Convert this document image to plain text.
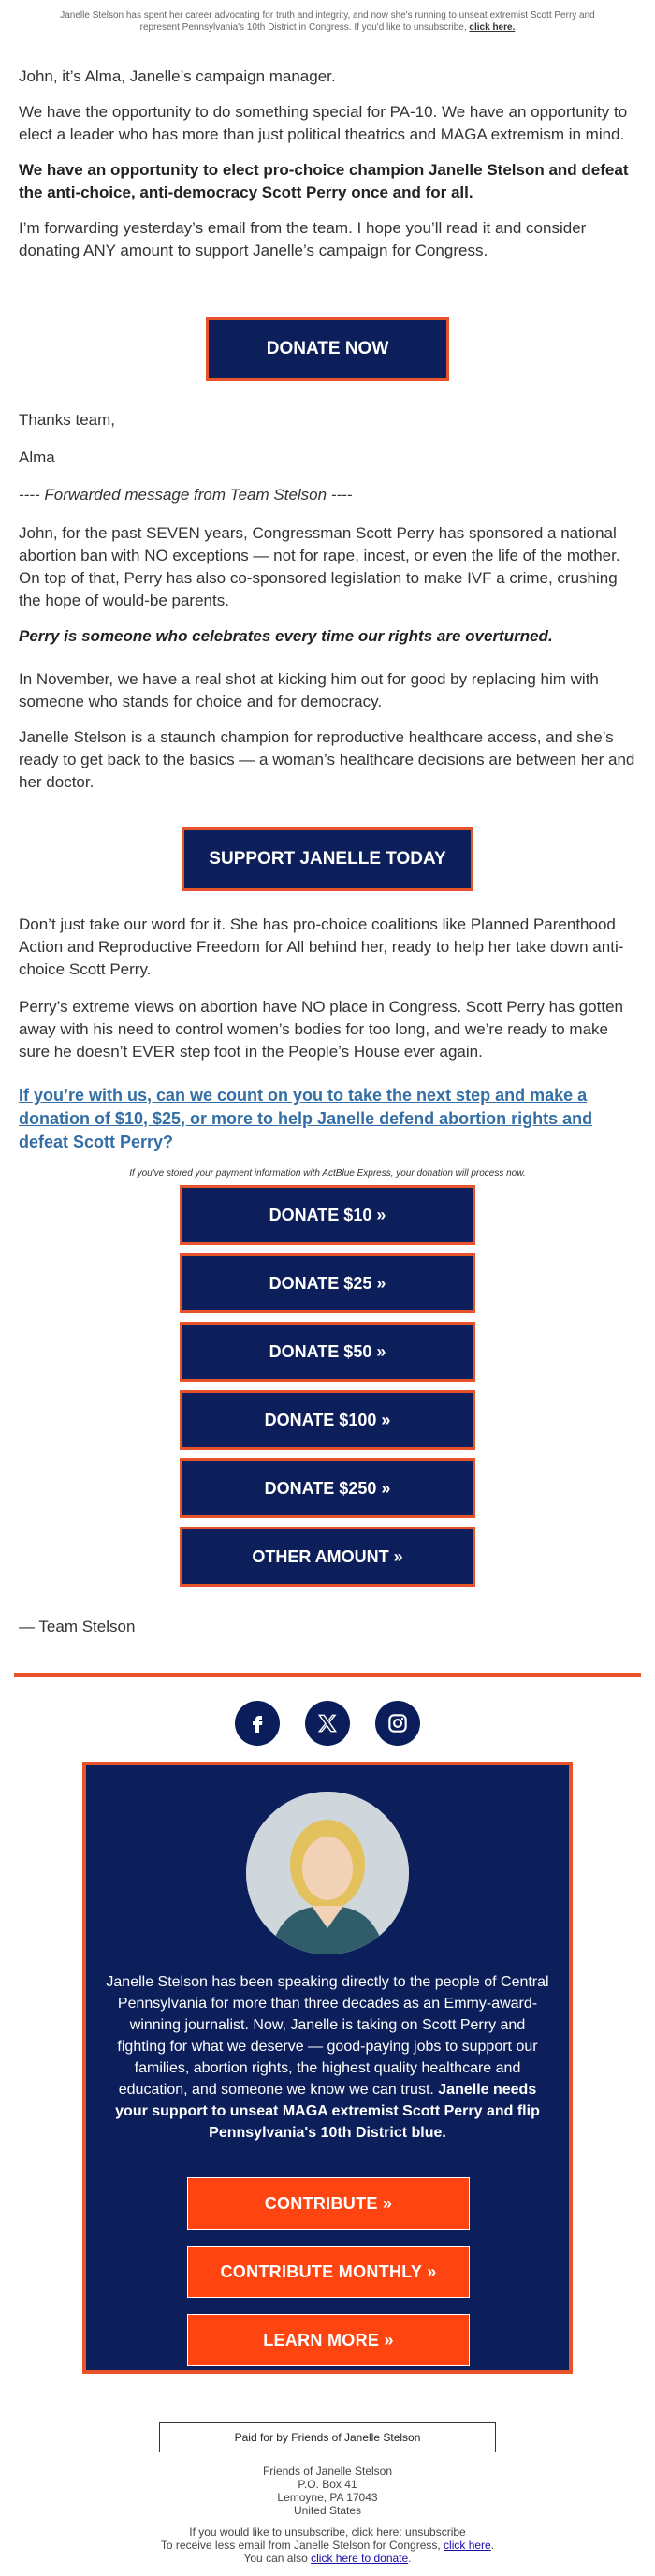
Janelle Stelson has spent her career advocating for truth and integrity, and now she's running to unseat extremist Scott Perry and represent Pennsylvania's 10th District in Congress. If you'd like to unsubscribe, click here.

John, it’s Alma, Janelle’s campaign manager.

We have the opportunity to do something special for PA-10. We have an opportunity to elect a leader who has more than just political theatrics and MAGA extremism in mind.

We have an opportunity to elect pro-choice champion Janelle Stelson and defeat the anti-choice, anti-democracy Scott Perry once and for all.

I’m forwarding yesterday’s email from the team. I hope you’ll read it and consider donating ANY amount to support Janelle’s campaign for Congress.

DONATE NOW

Thanks team,

Alma

---- Forwarded message from Team Stelson ----

John, for the past SEVEN years, Congressman Scott Perry has sponsored a national abortion ban with NO exceptions — not for rape, incest, or even the life of the mother. On top of that, Perry has also co-sponsored legislation to make IVF a crime, crushing the hope of would-be parents.

Perry is someone who celebrates every time our rights are overturned.

In November, we have a real shot at kicking him out for good by replacing him with someone who stands for choice and for democracy.

Janelle Stelson is a staunch champion for reproductive healthcare access, and she’s ready to get back to the basics — a woman’s healthcare decisions are between her and her doctor.

SUPPORT JANELLE TODAY

Don’t just take our word for it. She has pro-choice coalitions like Planned Parenthood Action and Reproductive Freedom for All behind her, ready to help her take down anti-choice Scott Perry.

Perry’s extreme views on abortion have NO place in Congress. Scott Perry has gotten away with his need to control women’s bodies for too long, and we’re ready to make sure he doesn’t EVER step foot in the People’s House ever again.

If you’re with us, can we count on you to take the next step and make a donation of $10, $25, or more to help Janelle defend abortion rights and defeat Scott Perry?

If you've stored your payment information with ActBlue Express, your donation will process now.
DONATE $10 »
DONATE $25 »
DONATE $50 »
DONATE $100 »
DONATE $250 »
OTHER AMOUNT »

— Team Stelson

Janelle Stelson has been speaking directly to the people of Central Pennsylvania for more than three decades as an Emmy-award-winning journalist. Now, Janelle is taking on Scott Perry and fighting for what we deserve — good-paying jobs to support our families, abortion rights, the highest quality healthcare and education, and someone we know we can trust. Janelle needs your support to unseat MAGA extremist Scott Perry and flip Pennsylvania's 10th District blue.
CONTRIBUTE »
CONTRIBUTE MONTHLY »
LEARN MORE »
Paid for by Friends of Janelle Stelson
Friends of Janelle Stelson
P.O. Box 41
Lemoyne, PA 17043
United States
If you would like to unsubscribe, click here: unsubscribe
To receive less email from Janelle Stelson for Congress, click here.
You can also click here to donate.
